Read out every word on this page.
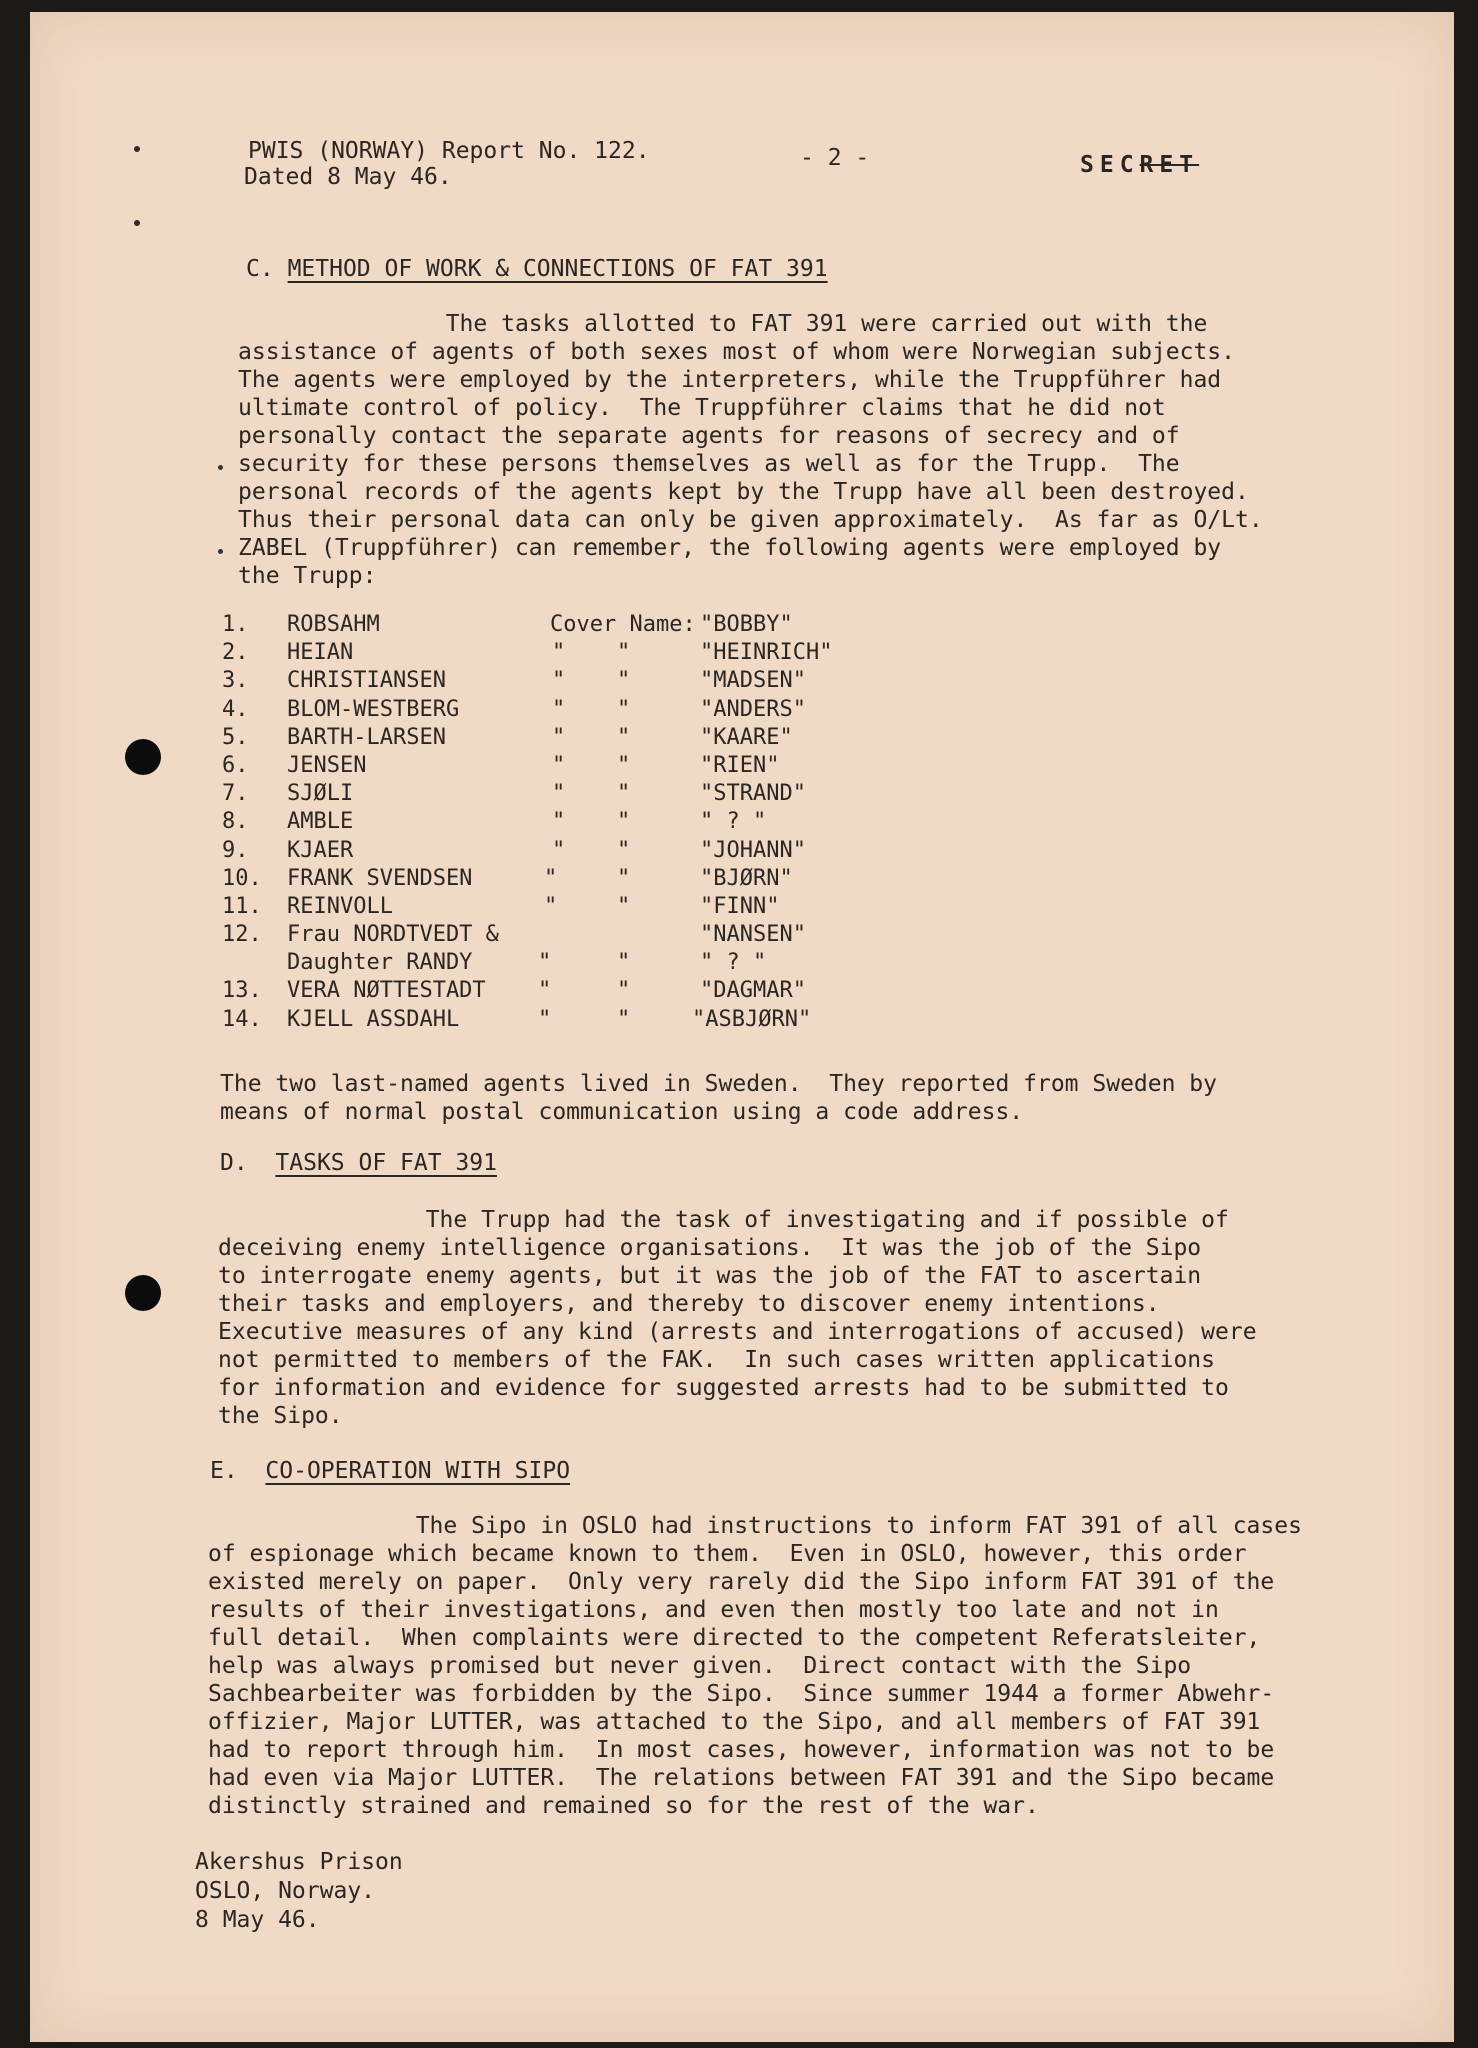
PWIS (NORWAY) Report No. 122.
Dated 8 May 46.
- 2 -	SECRET
C. METHOD OF WORK & CONNECTIONS OF FAT 391
The tasks allotted to FAT 391 were carried out with the
assistance of agents of both sexes most of whom were Norwegian subjects.
The agents were employed by the interpreters, while the Truppführer had
ultimate control of policy.  The Truppführer claims that he did not
personally contact the separate agents for reasons of secrecy and of
security for these persons themselves as well as for the Trupp.  The
personal records of the agents kept by the Trupp have all been destroyed.
Thus their personal data can only be given approximately.  As far as O/Lt.
ZABEL (Truppführer) can remember, the following agents were employed by
the Trupp:
1. ROBSAHM	Cover Name: "BOBBY"
2. HEIAN	" "	"HEINRICH"
3. CHRISTIANSEN	" "	"MADSEN"
4. BLOM-WESTBERG	" "	"ANDERS"
5. BARTH-LARSEN	" "	"KAARE"
6. JENSEN	" "	"RIEN"
7. SJØLI	" "	"STRAND"
8. AMBLE	" "	" ? "
9. KJAER	" "	"JOHANN"
10. FRANK SVENDSEN	"	"	"BJØRN"
11. REINVOLL	"	"	"FINN"
12. Frau NORDTVEDT &	"NANSEN"
Daughter RANDY	"	"	" ? "
13. VERA NØTTESTADT "	"	"DAGMAR"
14. KJELL ASSDAHL	"	"	"ASBJØRN"
The two last-named agents lived in Sweden.  They reported from Sweden by
means of normal postal communication using a code address.
D. TASKS OF FAT 391
The Trupp had the task of investigating and if possible of
deceiving enemy intelligence organisations.  It was the job of the Sipo
to interrogate enemy agents, but it was the job of the FAT to ascertain
their tasks and employers, and thereby to discover enemy intentions.
Executive measures of any kind (arrests and interrogations of accused) were
not permitted to members of the FAK.  In such cases written applications
for information and evidence for suggested arrests had to be submitted to
the Sipo.
E. CO-OPERATION WITH SIPO
The Sipo in OSLO had instructions to inform FAT 391 of all cases
of espionage which became known to them.  Even in OSLO, however, this order
existed merely on paper.  Only very rarely did the Sipo inform FAT 391 of the
results of their investigations, and even then mostly too late and not in
full detail.  When complaints were directed to the competent Referatsleiter,
help was always promised but never given.  Direct contact with the Sipo
Sachbearbeiter was forbidden by the Sipo.  Since summer 1944 a former Abwehr-
offizier, Major LUTTER, was attached to the Sipo, and all members of FAT 391
had to report through him.  In most cases, however, information was not to be
had even via Major LUTTER.  The relations between FAT 391 and the Sipo became
distinctly strained and remained so for the rest of the war.
Akershus Prison
OSLO, Norway.
8 May 46.
